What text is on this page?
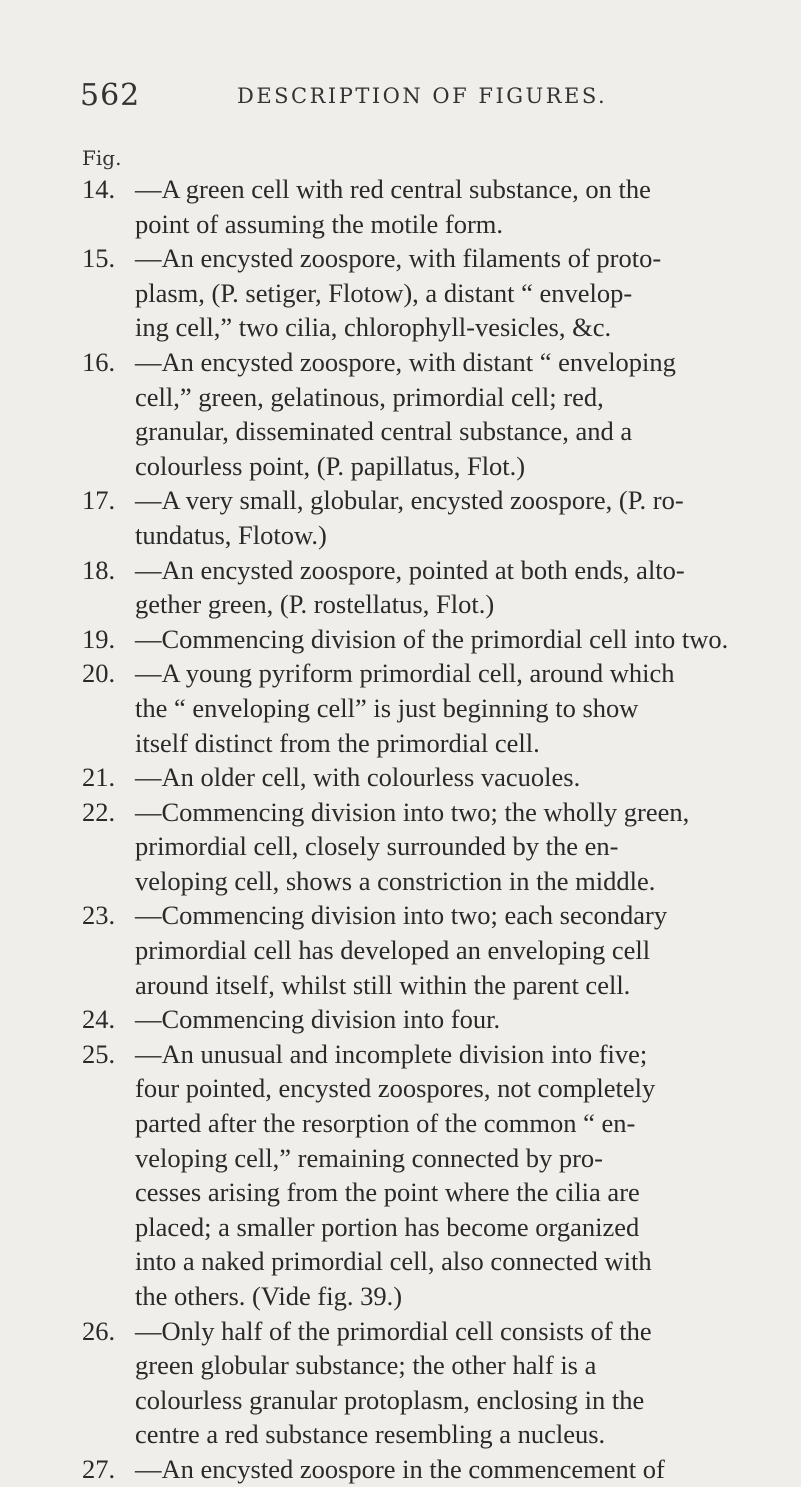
562	DESCRIPTION OF FIGURES.
Fig.
14. —A green cell with red central substance, on the
point of assuming the motile form.
15. —An encysted zoospore, with filaments of proto-
plasm, (P. setiger, Flotow), a distant “ envelop-
ing cell,” two cilia, chlorophyll-vesicles, &c.
16. —An encysted zoospore, with distant “ enveloping
cell,” green, gelatinous, primordial cell; red,
granular, disseminated central substance, and a
colourless point, (P. papillatus, Flot.)
17. —A very small, globular, encysted zoospore, (P. ro-
tundatus, Flotow.)
18. —An encysted zoospore, pointed at both ends, alto-
gether green, (P. rostellatus, Flot.)
19. —Commencing division of the primordial cell into two.
20. —A young pyriform primordial cell, around which
the “ enveloping cell” is just beginning to show
itself distinct from the primordial cell.
21. —An older cell, with colourless vacuoles.
22. —Commencing division into two; the wholly green,
primordial cell, closely surrounded by the en-
veloping cell, shows a constriction in the middle.
23. —Commencing division into two; each secondary
primordial cell has developed an enveloping cell
around itself, whilst still within the parent cell.
24. —Commencing division into four.
25. —An unusual and incomplete division into five;
four pointed, encysted zoospores, not completely
parted after the resorption of the common “ en-
veloping cell,” remaining connected by pro-
cesses arising from the point where the cilia are
placed; a smaller portion has become organized
into a naked primordial cell, also connected with
the others. (Vide fig. 39.)
26. —Only half of the primordial cell consists of the
green globular substance; the other half is a
colourless granular protoplasm, enclosing in the
centre a red substance resembling a nucleus.
27. —An encysted zoospore in the commencement of
